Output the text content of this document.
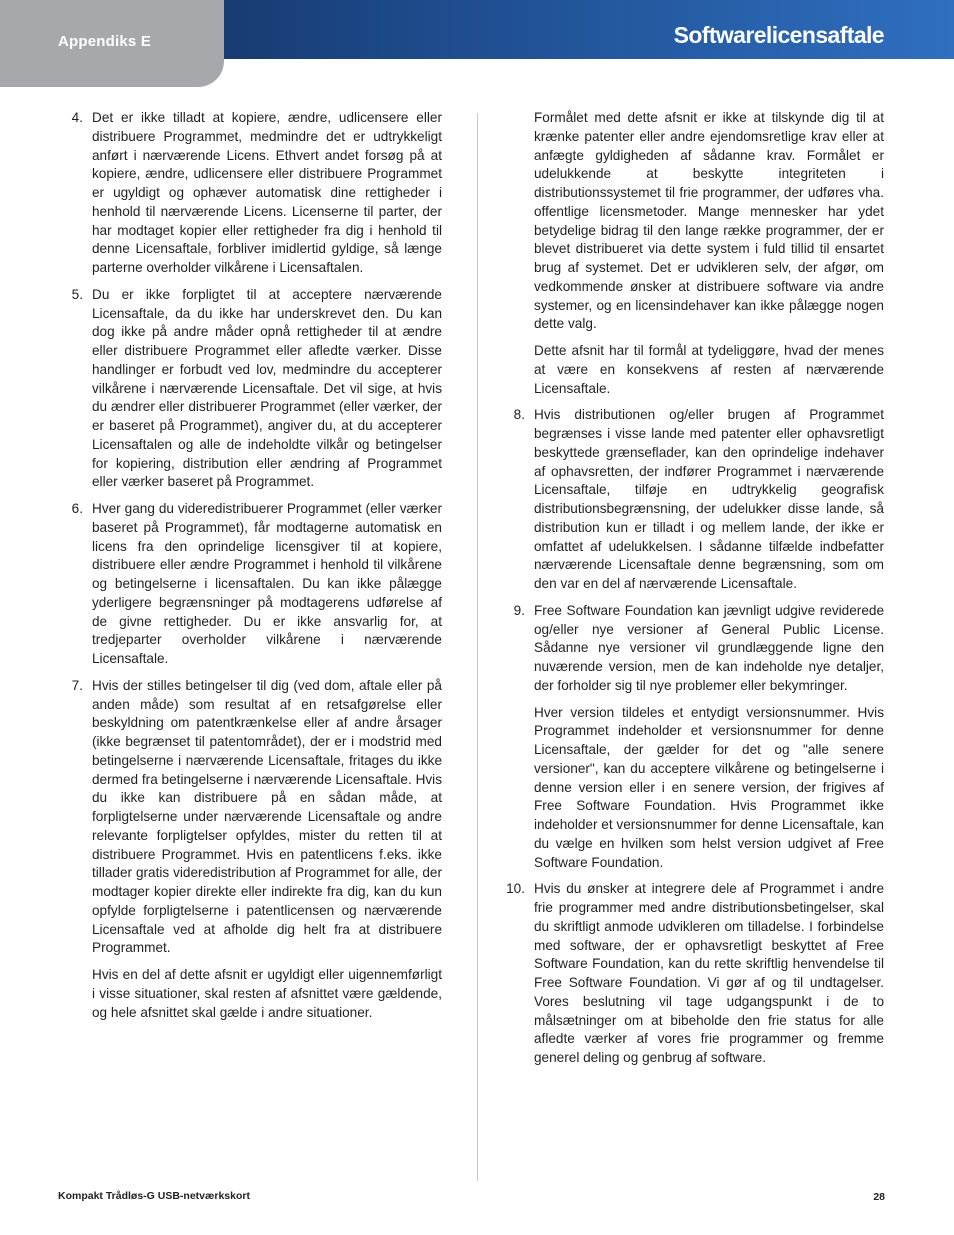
Appendiks E	Softwarelicensaftale
4. Det er ikke tilladt at kopiere, ændre, udlicensere eller distribuere Programmet, medmindre det er udtrykkeligt anført i nærværende Licens. Ethvert andet forsøg på at kopiere, ændre, udlicensere eller distribuere Programmet er ugyldigt og ophæver automatisk dine rettigheder i henhold til nærværende Licens. Licenserne til parter, der har modtaget kopier eller rettigheder fra dig i henhold til denne Licensaftale, forbliver imidlertid gyldige, så længe parterne overholder vilkårene i Licensaftalen.

5. Du er ikke forpligtet til at acceptere nærværende Licensaftale, da du ikke har underskrevet den. Du kan dog ikke på andre måder opnå rettigheder til at ændre eller distribuere Programmet eller afledte værker. Disse handlinger er forbudt ved lov, medmindre du accepterer vilkårene i nærværende Licensaftale. Det vil sige, at hvis du ændrer eller distribuerer Programmet (eller værker, der er baseret på Programmet), angiver du, at du accepterer Licensaftalen og alle de indeholdte vilkår og betingelser for kopiering, distribution eller ændring af Programmet eller værker baseret på Programmet.

6. Hver gang du videredistribuerer Programmet (eller værker baseret på Programmet), får modtagerne automatisk en licens fra den oprindelige licensgiver til at kopiere, distribuere eller ændre Programmet i henhold til vilkårene og betingelserne i licensaftalen. Du kan ikke pålægge yderligere begrænsninger på modtagerens udførelse af de givne rettigheder. Du er ikke ansvarlig for, at tredjeparter overholder vilkårene i nærværende Licensaftale.

7. Hvis der stilles betingelser til dig (ved dom, aftale eller på anden måde) som resultat af en retsafgørelse eller beskyldning om patentkrænkelse eller af andre årsager (ikke begrænset til patentområdet), der er i modstrid med betingelserne i nærværende Licensaftale, fritages du ikke dermed fra betingelserne i nærværende Licensaftale. Hvis du ikke kan distribuere på en sådan måde, at forpligtelserne under nærværende Licensaftale og andre relevante forpligtelser opfyldes, mister du retten til at distribuere Programmet. Hvis en patentlicens f.eks. ikke tillader gratis videredistribution af Programmet for alle, der modtager kopier direkte eller indirekte fra dig, kan du kun opfylde forpligtelserne i patentlicensen og nærværende Licensaftale ved at afholde dig helt fra at distribuere Programmet.

Hvis en del af dette afsnit er ugyldigt eller uigennemførligt i visse situationer, skal resten af afsnittet være gældende, og hele afsnittet skal gælde i andre situationer.

Formålet med dette afsnit er ikke at tilskynde dig til at krænke patenter eller andre ejendomsretlige krav eller at anfægte gyldigheden af sådanne krav. Formålet er udelukkende at beskytte integriteten i distributionssystemet til frie programmer, der udføres vha. offentlige licensmetoder. Mange mennesker har ydet betydelige bidrag til den lange række programmer, der er blevet distribueret via dette system i fuld tillid til ensartet brug af systemet. Det er udvikleren selv, der afgør, om vedkommende ønsker at distribuere software via andre systemer, og en licensindehaver kan ikke pålægge nogen dette valg.

Dette afsnit har til formål at tydeliggøre, hvad der menes at være en konsekvens af resten af nærværende Licensaftale.

8. Hvis distributionen og/eller brugen af Programmet begrænses i visse lande med patenter eller ophavsretligt beskyttede grænseflader, kan den oprindelige indehaver af ophavsretten, der indfører Programmet i nærværende Licensaftale, tilføje en udtrykkelig geografisk distributionsbegrænsning, der udelukker disse lande, så distribution kun er tilladt i og mellem lande, der ikke er omfattet af udelukkelsen. I sådanne tilfælde indbefatter nærværende Licensaftale denne begrænsning, som om den var en del af nærværende Licensaftale.

9. Free Software Foundation kan jævnligt udgive reviderede og/eller nye versioner af General Public License. Sådanne nye versioner vil grundlæggende ligne den nuværende version, men de kan indeholde nye detaljer, der forholder sig til nye problemer eller bekymringer.

Hver version tildeles et entydigt versionsnummer. Hvis Programmet indeholder et versionsnummer for denne Licensaftale, der gælder for det og "alle senere versioner", kan du acceptere vilkårene og betingelserne i denne version eller i en senere version, der frigives af Free Software Foundation. Hvis Programmet ikke indeholder et versionsnummer for denne Licensaftale, kan du vælge en hvilken som helst version udgivet af Free Software Foundation.

10. Hvis du ønsker at integrere dele af Programmet i andre frie programmer med andre distributionsbetingelser, skal du skriftligt anmode udvikleren om tilladelse. I forbindelse med software, der er ophavsretligt beskyttet af Free Software Foundation, kan du rette skriftlig henvendelse til Free Software Foundation. Vi gør af og til undtagelser. Vores beslutning vil tage udgangspunkt i de to målsætninger om at bibeholde den frie status for alle afledte værker af vores frie programmer og fremme generel deling og genbrug af software.

Kompakt Trådløs-G USB-netværkskort	28
